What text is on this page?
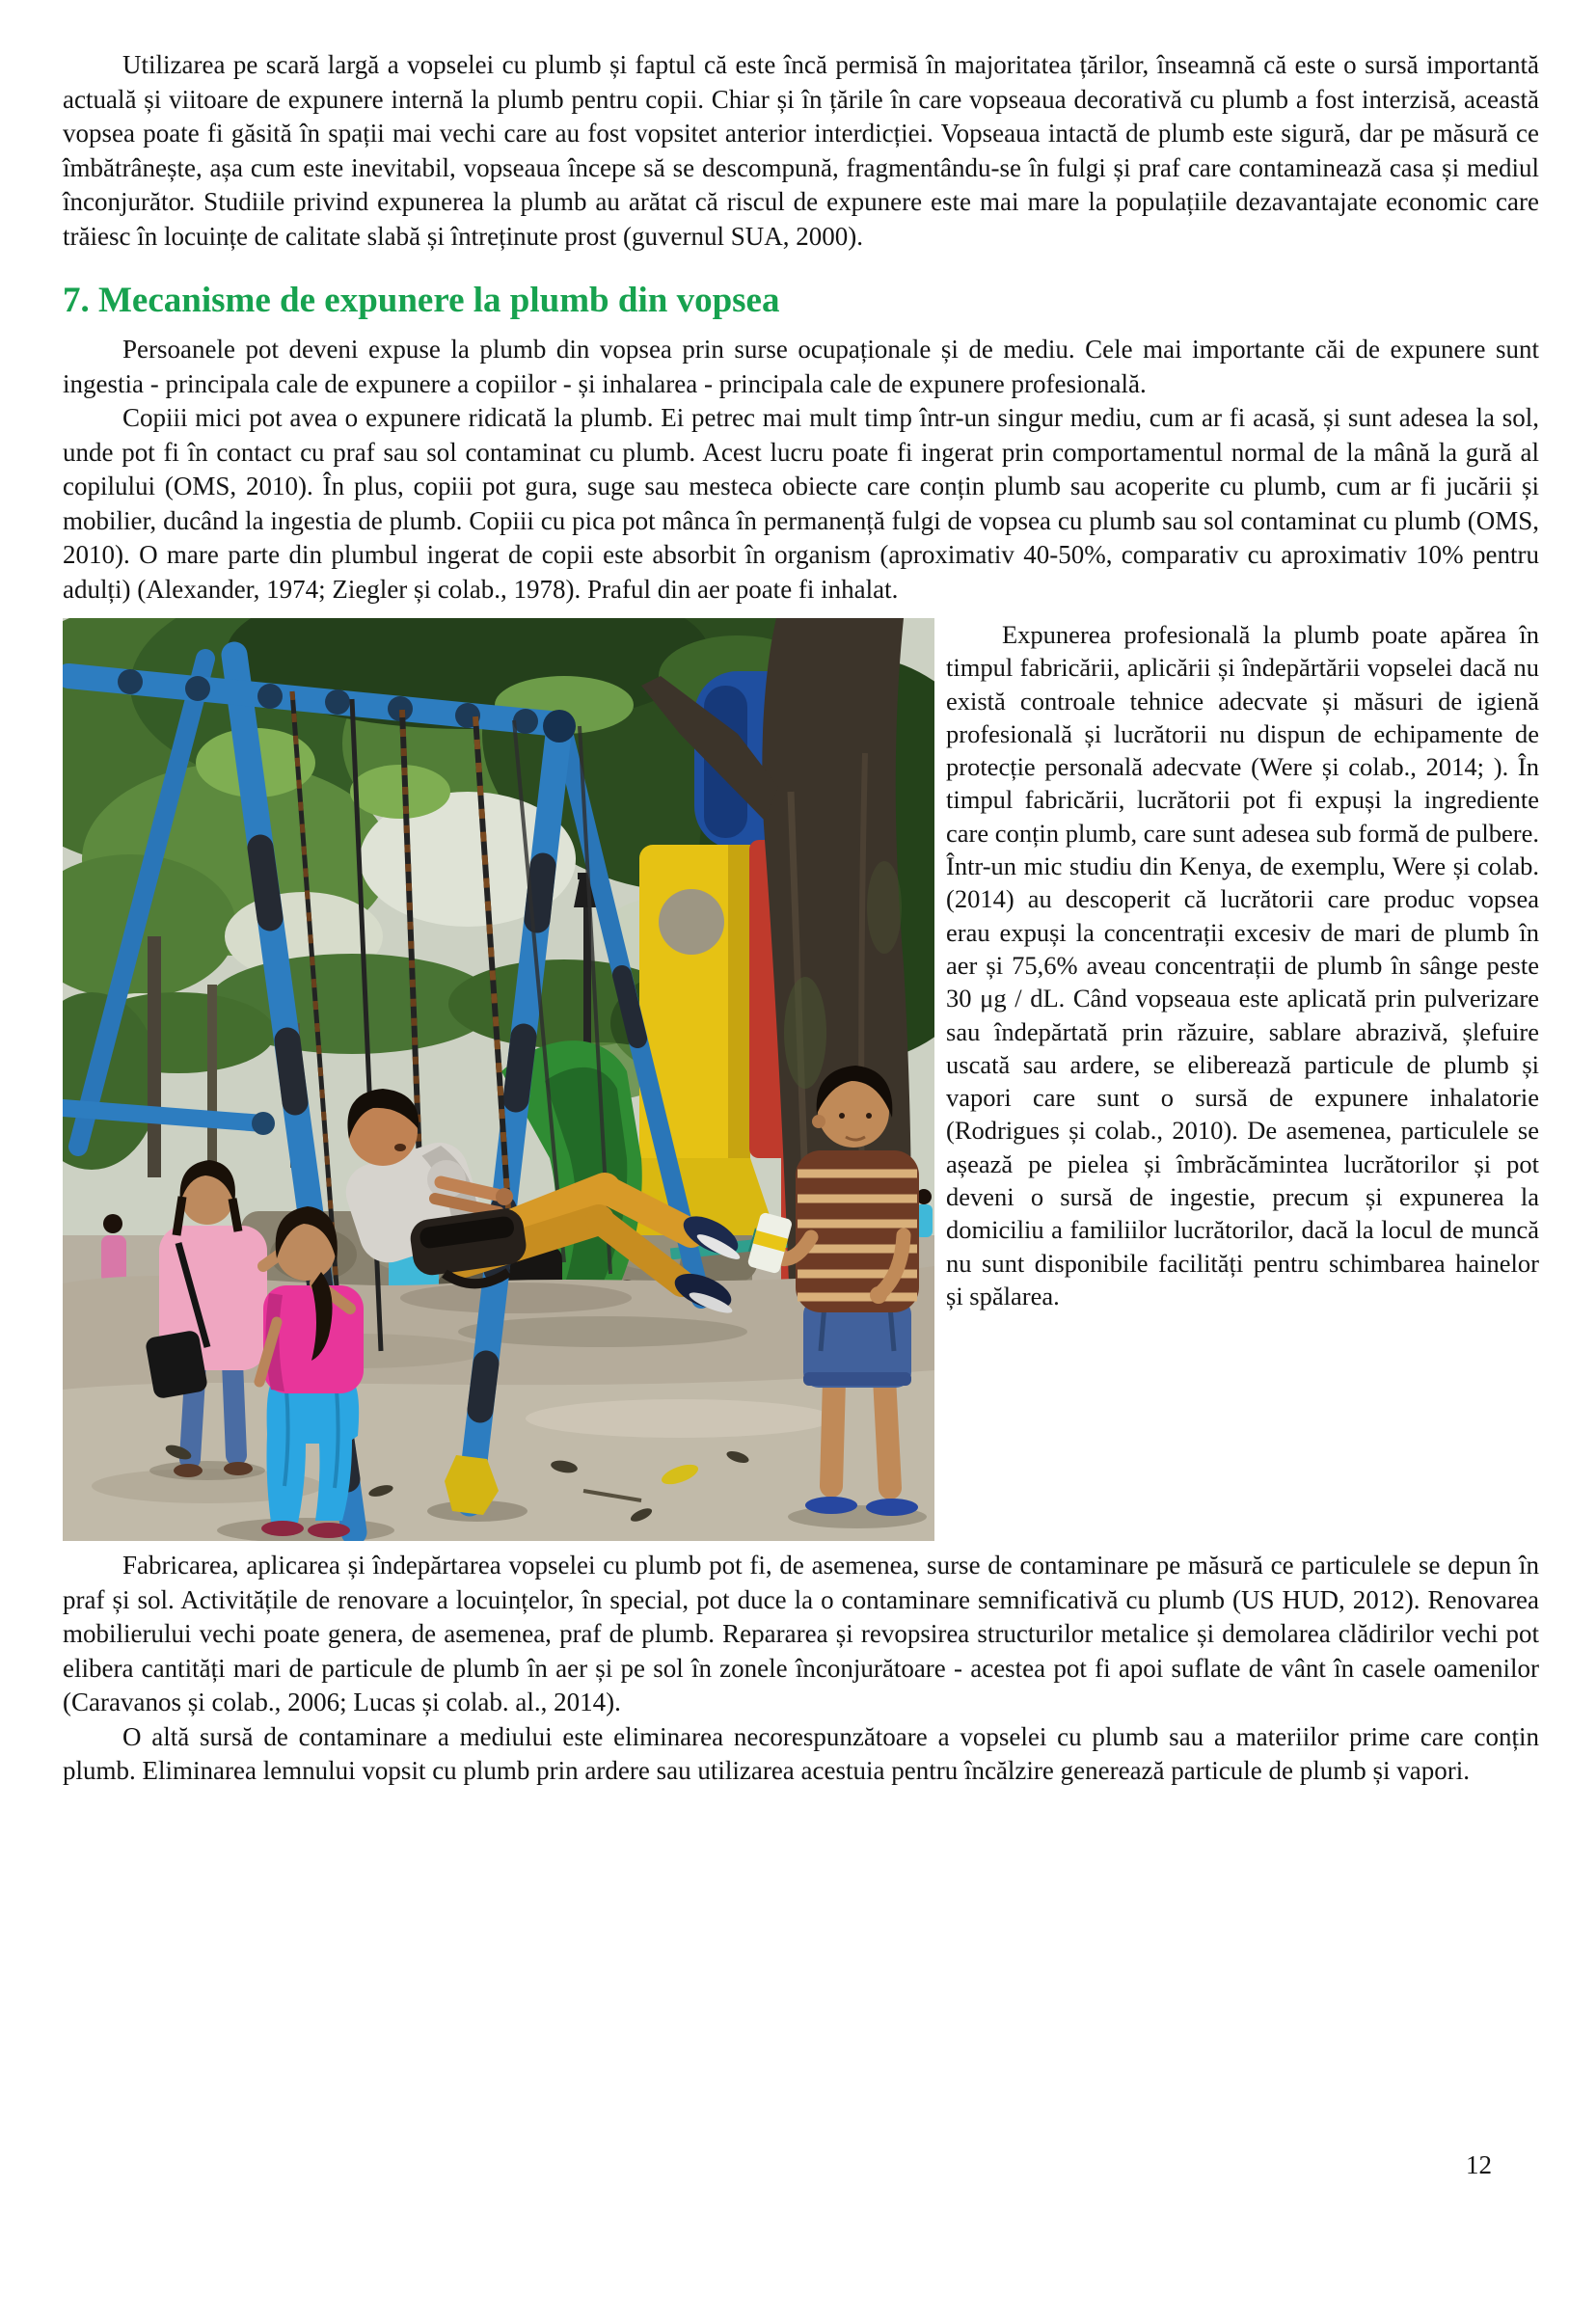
Utilizarea pe scară largă a vopselei cu plumb și faptul că este încă permisă în majoritatea țărilor, înseamnă că este o sursă importantă actuală și viitoare de expunere internă la plumb pentru copii. Chiar și în țările în care vopseaua decorativă cu plumb a fost interzisă, această vopsea poate fi găsită în spații mai vechi care au fost vopsitet anterior interdicției. Vopseaua intactă de plumb este sigură, dar pe măsură ce îmbătrânește, așa cum este inevitabil, vopseaua începe să se descompună, fragmentându-se în fulgi și praf care contaminează casa și mediul înconjurător. Studiile privind expunerea la plumb au arătat că riscul de expunere este mai mare la populațiile dezavantajate economic care trăiesc în locuințe de calitate slabă și întreținute prost (guvernul SUA, 2000).

7. Mecanisme de expunere la plumb din vopsea

Persoanele pot deveni expuse la plumb din vopsea prin surse ocupaționale și de mediu. Cele mai importante căi de expunere sunt ingestia - principala cale de expunere a copiilor - și inhalarea - principala cale de expunere profesională.

Copiii mici pot avea o expunere ridicată la plumb. Ei petrec mai mult timp într-un singur mediu, cum ar fi acasă, și sunt adesea la sol, unde pot fi în contact cu praf sau sol contaminat cu plumb. Acest lucru poate fi ingerat prin comportamentul normal de la mână la gură al copilului (OMS, 2010). În plus, copiii pot gura, suge sau mesteca obiecte care conțin plumb sau acoperite cu plumb, cum ar fi jucării și mobilier, ducând la ingestia de plumb. Copiii cu pica pot mânca în permanență fulgi de vopsea cu plumb sau sol contaminat cu plumb (OMS, 2010). O mare parte din plumbul ingerat de copii este absorbit în organism (aproximativ 40-50%, comparativ cu aproximativ 10% pentru adulți) (Alexander, 1974; Ziegler și colab., 1978). Praful din aer poate fi inhalat.

Expunerea profesională la plumb poate apărea în timpul fabricării, aplicării și îndepărtării vopselei dacă nu există controale tehnice adecvate și măsuri de igienă profesională și lucrătorii nu dispun de echipamente de protecție personală adecvate (Were și colab., 2014; ). În timpul fabricării, lucrătorii pot fi expuși la ingrediente care conțin plumb, care sunt adesea sub formă de pulbere. Într-un mic studiu din Kenya, de exemplu, Were și colab. (2014) au descoperit că lucrătorii care produc vopsea erau expuși la concentrații excesiv de mari de plumb în aer și 75,6% aveau concentrații de plumb în sânge peste 30 μg / dL. Când vopseaua este aplicată prin pulverizare sau îndepărtată prin răzuire, sablare abrazivă, șlefuire uscată sau ardere, se eliberează particule de plumb și vapori care sunt o sursă de expunere inhalatorie (Rodrigues și colab., 2010). De asemenea, particulele se așează pe pielea și îmbrăcămintea lucrătorilor și pot deveni o sursă de ingestie, precum și expunerea la domiciliu a familiilor lucrătorilor, dacă la locul de muncă nu sunt disponibile facilități pentru schimbarea hainelor și spălarea.

Fabricarea, aplicarea și îndepărtarea vopselei cu plumb pot fi, de asemenea, surse de contaminare pe măsură ce particulele se depun în praf și sol. Activitățile de renovare a locuințelor, în special, pot duce la o contaminare semnificativă cu plumb (US HUD, 2012). Renovarea mobilierului vechi poate genera, de asemenea, praf de plumb. Repararea și revopsirea structurilor metalice și demolarea clădirilor vechi pot elibera cantități mari de particule de plumb în aer și pe sol în zonele înconjurătoare - acestea pot fi apoi suflate de vânt în casele oamenilor (Caravanos și colab., 2006; Lucas și colab. al., 2014).

O altă sursă de contaminare a mediului este eliminarea necorespunzătoare a vopselei cu plumb sau a materiilor prime care conțin plumb. Eliminarea lemnului vopsit cu plumb prin ardere sau utilizarea acestuia pentru încălzire generează particule de plumb și vapori.

12
